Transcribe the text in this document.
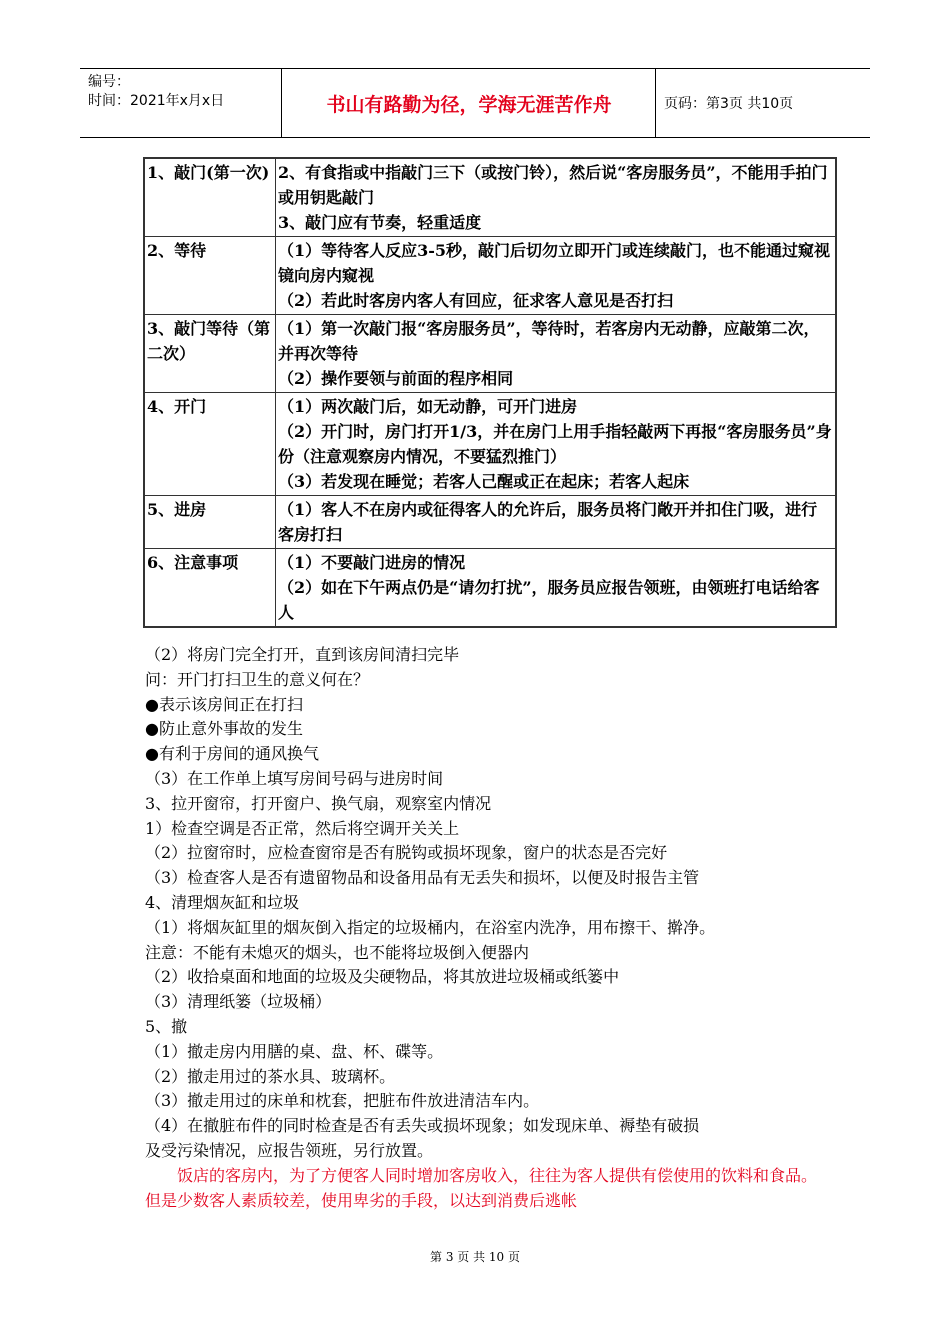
编号：
时间：2021年x月x日	书山有路勤为径，学海无涯苦作舟	页码：第3页 共10页
1、敲门(第一次)	2、有食指或中指敲门三下（或按门铃），然后说“客房服务员”，不能用手拍门或用钥匙敲门
3、敲门应有节奏，轻重适度

2、等待	（1）等待客人反应3-5秒，敲门后切勿立即开门或连续敲门，也不能通过窥视镜向房内窥视
（2）若此时客房内客人有回应，征求客人意见是否打扫

3、敲门等待（第二次）	（1）第一次敲门报“客房服务员”，等待时，若客房内无动静，应敲第二次，并再次等待
（2）操作要领与前面的程序相同

4、开门	（1）两次敲门后，如无动静，可开门进房
（2）开门时，房门打开1/3，并在房门上用手指轻敲两下再报“客房服务员”身份（注意观察房内情况，不要猛烈推门）
（3）若发现在睡觉；若客人己醒或正在起床；若客人起床

5、进房	（1）客人不在房内或征得客人的允许后，服务员将门敞开并扣住门吸，进行客房打扫

6、注意事项	（1）不要敲门进房的情况
（2）如在下午两点仍是“请勿打扰”，服务员应报告领班，由领班打电话给客人

（2）将房门完全打开，直到该房间清扫完毕

问：开门打扫卫生的意义何在？

●表示该房间正在打扫

●防止意外事故的发生

●有利于房间的通风换气

（3）在工作单上填写房间号码与进房时间

3、拉开窗帘，打开窗户、换气扇，观察室内情况

1）检查空调是否正常，然后将空调开关关上

（2）拉窗帘时，应检查窗帘是否有脱钩或损坏现象，窗户的状态是否完好

（3）检查客人是否有遗留物品和设备用品有无丢失和损坏，以便及时报告主管

4、清理烟灰缸和垃圾

（1）将烟灰缸里的烟灰倒入指定的垃圾桶内，在浴室内洗净，用布擦干、擀净。

注意：不能有未熄灭的烟头，也不能将垃圾倒入便器内

（2）收拾桌面和地面的垃圾及尖硬物品，将其放进垃圾桶或纸篓中

（3）清理纸篓（垃圾桶）

5、撤

（1）撤走房内用膳的桌、盘、杯、碟等。

（2）撤走用过的茶水具、玻璃杯。

（3）撤走用过的床单和枕套，把脏布件放进清洁车内。

（4）在撤脏布件的同时检查是否有丢失或损坏现象；如发现床单、褥垫有破损

及受污染情况，应报告领班，另行放置。

　　饭店的客房内，为了方便客人同时增加客房收入，往往为客人提供有偿使用的饮料和食品。但是少数客人素质较差，使用卑劣的手段，以达到消费后逃帐

第 3 页 共 10 页
